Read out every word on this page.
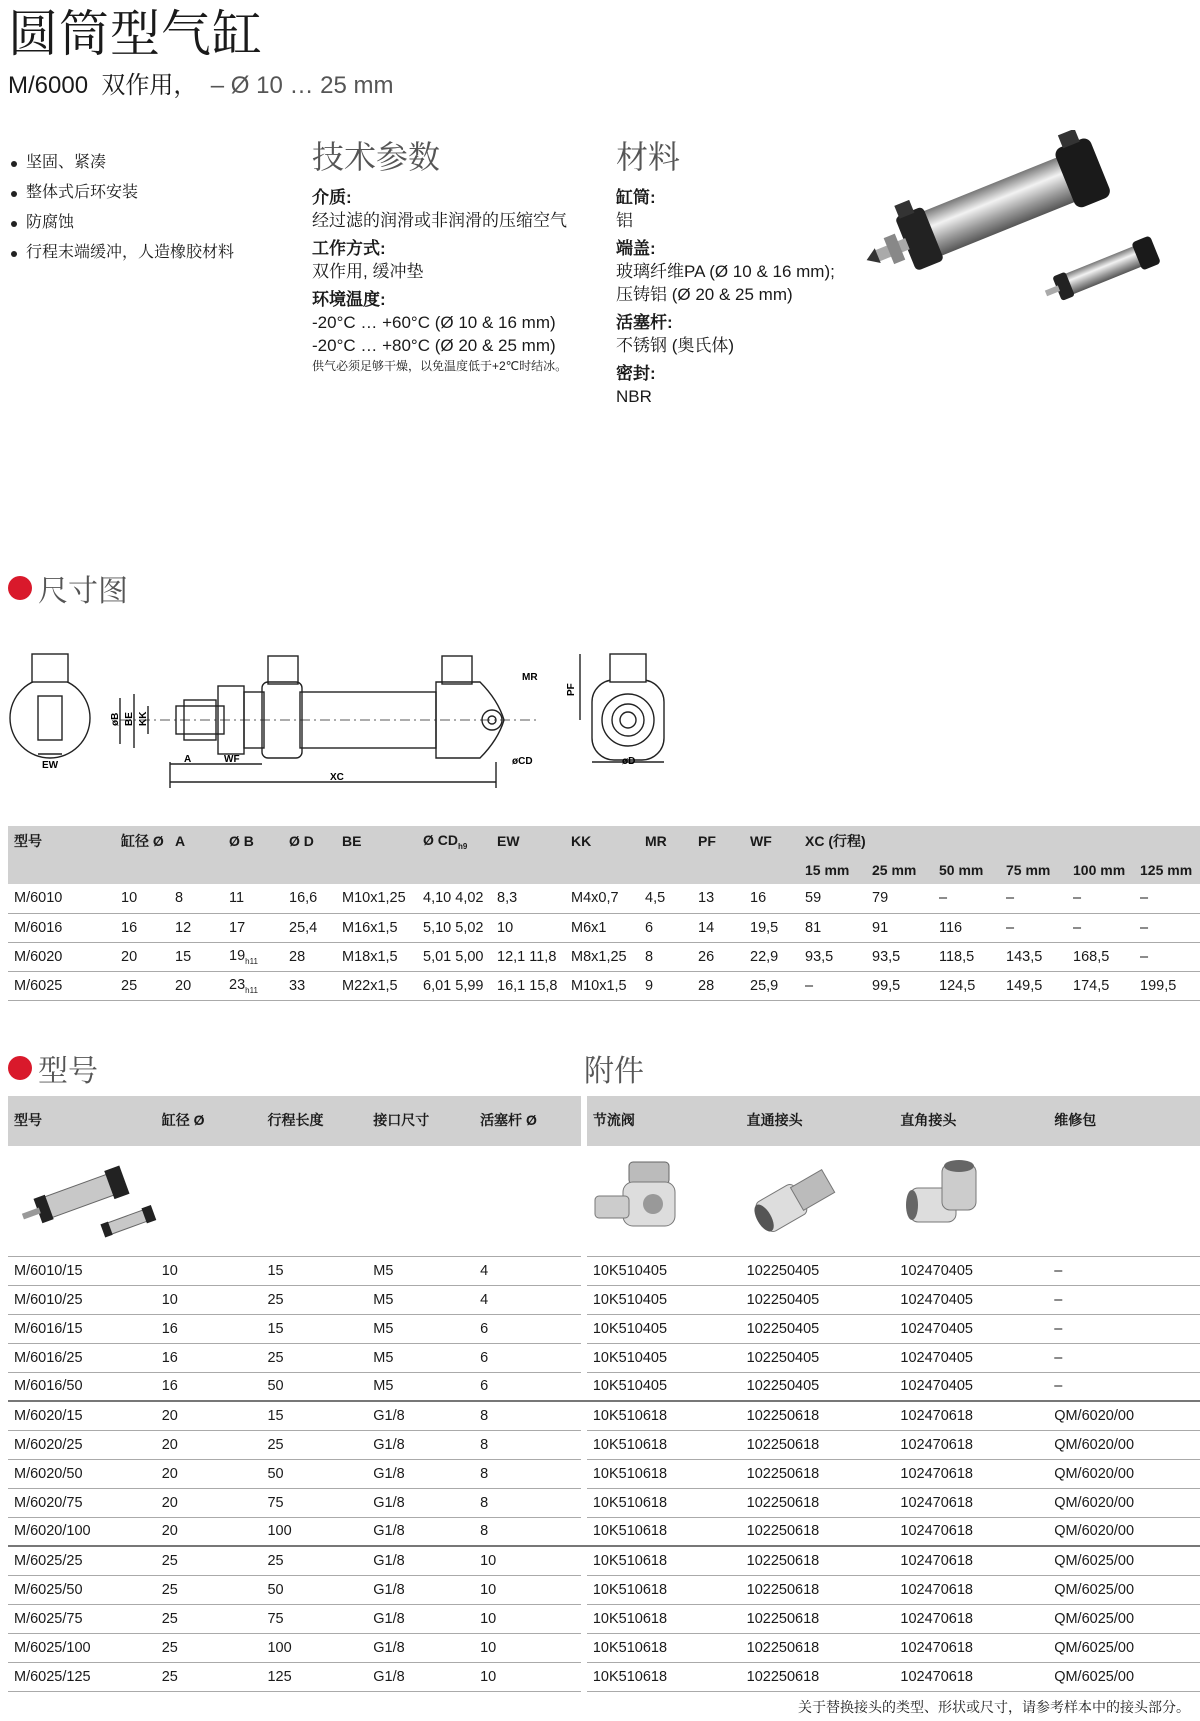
圆筒型气缸
M/6000 双作用， – Ø 10 … 25 mm
坚固、紧凑
整体式后环安装
防腐蚀
行程末端缓冲，人造橡胶材料
技术参数
介质:
经过滤的润滑或非润滑的压缩空气
工作方式:
双作用, 缓冲垫
环境温度:
-20°C … +60°C (Ø 10 & 16 mm)
-20°C … +80°C (Ø 20 & 25 mm)
供气必须足够干燥，以免温度低于+2℃时结冰。
材料
缸筒:
铝
端盖:
玻璃纤维PA (Ø 10 & 16 mm);
压铸铝 (Ø 20 & 25 mm)
活塞杆:
不锈钢 (奥氏体)
密封:
NBR
尺寸图
EW
øB BE KK
A	WF
XC
MR
øCD
PF
øD
型号	缸径 Ø	A	Ø B	Ø D	BE	Ø $CD_{h9}$	EW	KK	MR	PF	WF	XC (行程)					
												15 mm	25 mm	50 mm	75 mm	100 mm	125 mm
M/6010	10	8	11	16,6	M10x1,25	4,10 4,02	8,3	M4x0,7	4,5	13	16	59	79	–	–	–	–
M/6016	16	12	17	25,4	M16x1,5	5,10 5,02	10	M6x1	6	14	19,5	81	91	116	–	–	–
M/6020	20	15	$19_{h11}$	28	M18x1,5	5,01 5,00	12,1 11,8	M8x1,25	8	26	22,9	93,5	93,5	118,5	143,5	168,5	–
M/6025	25	20	$23_{h11}$	33	M22x1,5	6,01 5,99	16,1 15,8	M10x1,5	9	28	25,9	–	99,5	124,5	149,5	174,5	199,5
型号	附件
型号	缸径 Ø	行程长度	接口尺寸	活塞杆 Ø		节流阀	直通接头	直角接头	维修包

M/6010/15	10	15	M5	4		10K510405	102250405	102470405	–
M/6010/25	10	25	M5	4		10K510405	102250405	102470405	–
M/6016/15	16	15	M5	6		10K510405	102250405	102470405	–
M/6016/25	16	25	M5	6		10K510405	102250405	102470405	–
M/6016/50	16	50	M5	6		10K510405	102250405	102470405	–
M/6020/15	20	15	G1/8	8		10K510618	102250618	102470618	QM/6020/00
M/6020/25	20	25	G1/8	8		10K510618	102250618	102470618	QM/6020/00
M/6020/50	20	50	G1/8	8		10K510618	102250618	102470618	QM/6020/00
M/6020/75	20	75	G1/8	8		10K510618	102250618	102470618	QM/6020/00
M/6020/100	20	100	G1/8	8		10K510618	102250618	102470618	QM/6020/00
M/6025/25	25	25	G1/8	10		10K510618	102250618	102470618	QM/6025/00
M/6025/50	25	50	G1/8	10		10K510618	102250618	102470618	QM/6025/00
M/6025/75	25	75	G1/8	10		10K510618	102250618	102470618	QM/6025/00
M/6025/100	25	100	G1/8	10		10K510618	102250618	102470618	QM/6025/00
M/6025/125	25	125	G1/8	10		10K510618	102250618	102470618	QM/6025/00
关于替换接头的类型、形状或尺寸，请参考样本中的接头部分。
